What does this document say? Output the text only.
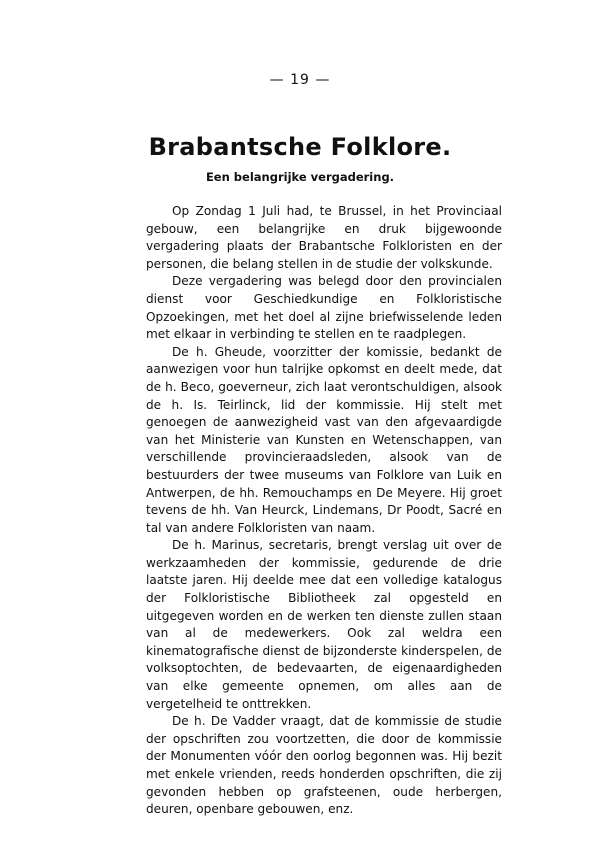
— 19 —
Brabantsche Folklore.
Een belangrijke vergadering.

Op Zondag 1 Juli had, te Brussel, in het Provinciaal gebouw, een belangrijke en druk bijgewoonde vergadering plaats der Brabantsche Folkloristen en der personen, die belang stellen in de studie der volkskunde.

Deze vergadering was belegd door den provincialen dienst voor Geschiedkundige en Folkloristische Opzoekingen, met het doel al zijne briefwisselende leden met elkaar in verbinding te stellen en te raadplegen.

De h. Gheude, voorzitter der komissie, bedankt de aanwezigen voor hun talrijke opkomst en deelt mede, dat de h. Beco, goeverneur, zich laat verontschuldigen, alsook de h. Is. Teirlinck, lid der kommissie. Hij stelt met genoegen de aanwezigheid vast van den afgevaardigde van het Ministerie van Kunsten en Wetenschappen, van verschillende provincieraadsleden, alsook van de bestuurders der twee museums van Folklore van Luik en Antwerpen, de hh. Remouchamps en De Meyere. Hij groet tevens de hh. Van Heurck, Lindemans, Dr Poodt, Sacré en tal van andere Folkloristen van naam.

De h. Marinus, secretaris, brengt verslag uit over de werkzaamheden der kommissie, gedurende de drie laatste jaren. Hij deelde mee dat een volledige katalogus der Folkloristische Bibliotheek zal opgesteld en uitgegeven worden en de werken ten dienste zullen staan van al de medewerkers. Ook zal weldra een kinematografische dienst de bijzonderste kinderspelen, de volksoptochten, de bedevaarten, de eigenaardigheden van elke gemeente opnemen, om alles aan de vergetelheid te onttrekken.

De h. De Vadder vraagt, dat de kommissie de studie der opschriften zou voortzetten, die door de kommissie der Monumenten vóór den oorlog begonnen was. Hij bezit met enkele vrienden, reeds honderden opschriften, die zij gevonden hebben op grafsteenen, oude herbergen, deuren, openbare gebouwen, enz.
